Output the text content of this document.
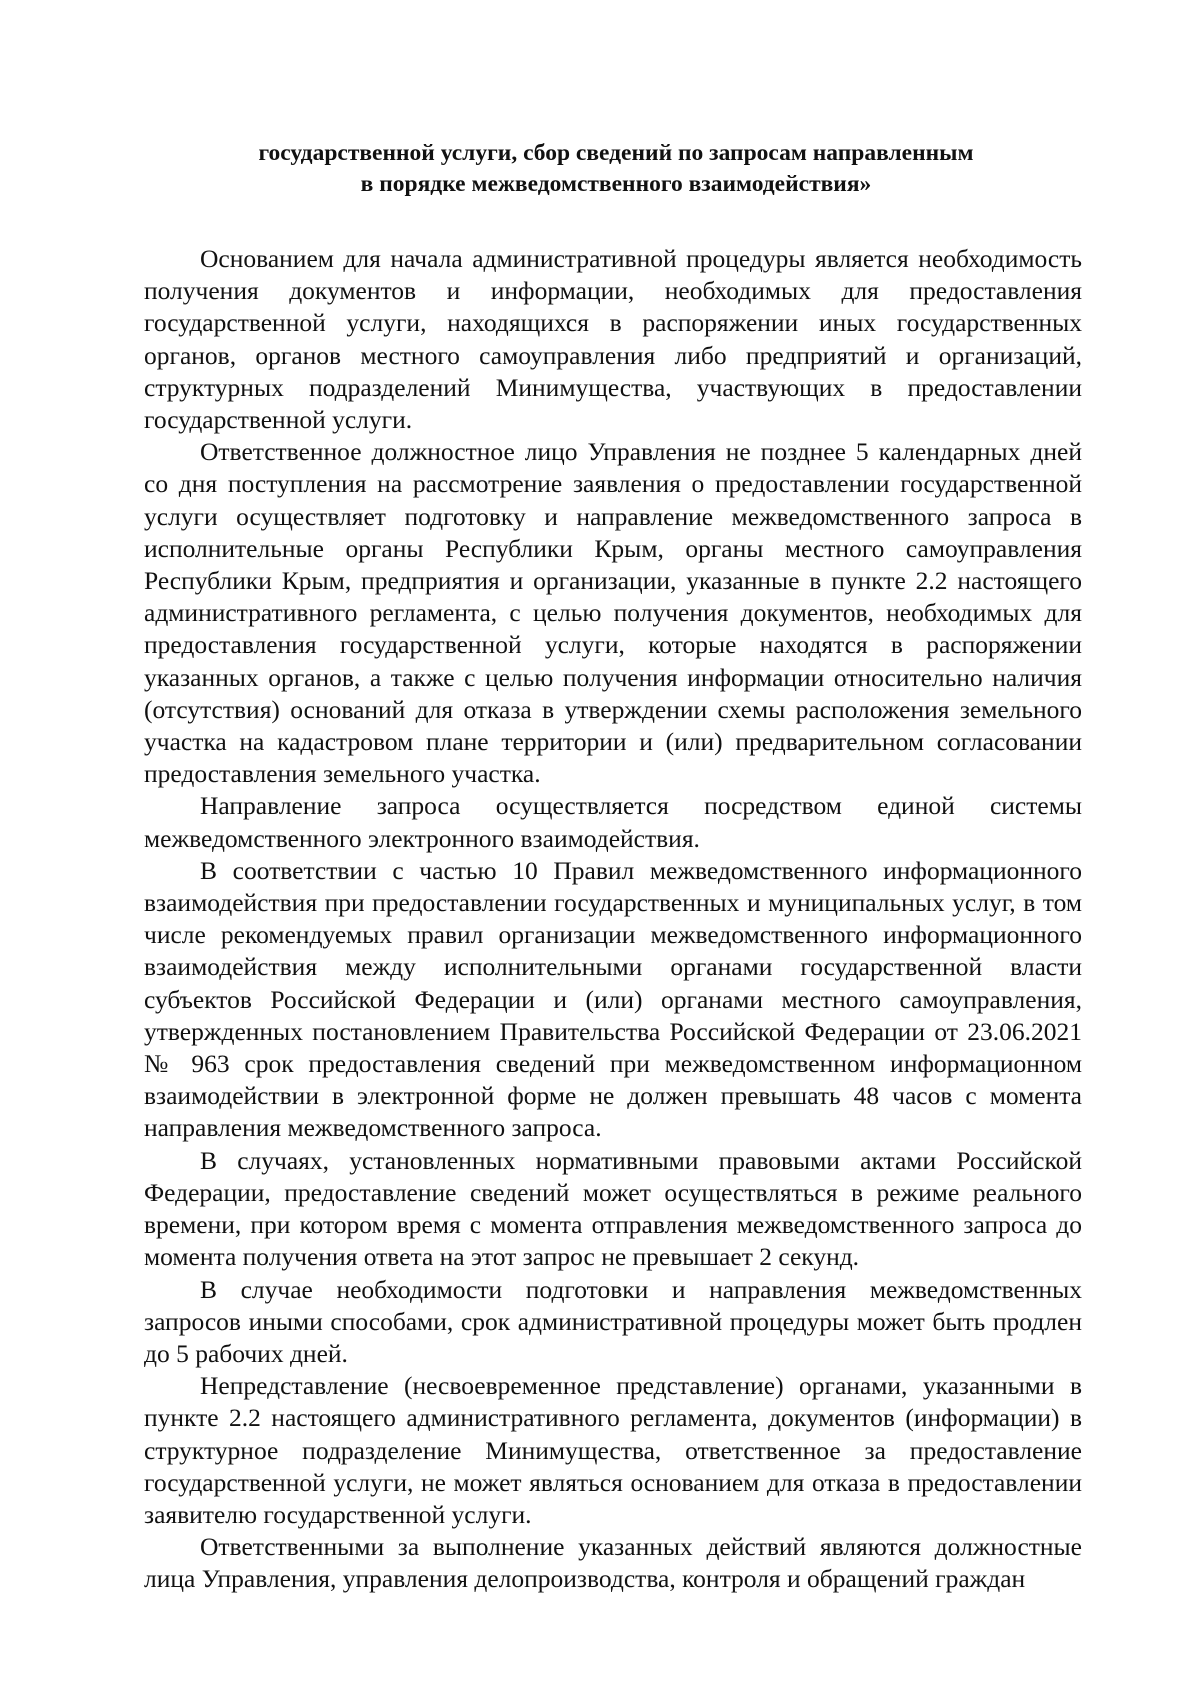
государственной услуги, сбор сведений по запросам направленным
в порядке межведомственного взаимодействия»

Основанием для начала административной процедуры является необходимость получения документов и информации, необходимых для предоставления государственной услуги, находящихся в распоряжении иных государственных органов, органов местного самоуправления либо предприятий и организаций, структурных подразделений Минимущества, участвующих в предоставлении государственной услуги.

Ответственное должностное лицо Управления не позднее 5 календарных дней со дня поступления на рассмотрение заявления о предоставлении государственной услуги осуществляет подготовку и направление межведомственного запроса в исполнительные органы Республики Крым, органы местного самоуправления Республики Крым, предприятия и организации, указанные в пункте 2.2 настоящего административного регламента, с целью получения документов, необходимых для предоставления государственной услуги, которые находятся в распоряжении указанных органов, а также с целью получения информации относительно наличия (отсутствия) оснований для отказа в утверждении схемы расположения земельного участка на кадастровом плане территории и (или) предварительном согласовании предоставления земельного участка.

Направление запроса осуществляется посредством единой системы межведомственного электронного взаимодействия.

В соответствии с частью 10 Правил межведомственного информационного взаимодействия при предоставлении государственных и муниципальных услуг, в том числе рекомендуемых правил организации межведомственного информационного взаимодействия между исполнительными органами государственной власти субъектов Российской Федерации и (или) органами местного самоуправления, утвержденных постановлением Правительства Российской Федерации от 23.06.2021 № 963 срок предоставления сведений при межведомственном информационном взаимодействии в электронной форме не должен превышать 48 часов с момента направления межведомственного запроса.

В случаях, установленных нормативными правовыми актами Российской Федерации, предоставление сведений может осуществляться в режиме реального времени, при котором время с момента отправления межведомственного запроса до момента получения ответа на этот запрос не превышает 2 секунд.

В случае необходимости подготовки и направления межведомственных запросов иными способами, срок административной процедуры может быть продлен до 5 рабочих дней.

Непредставление (несвоевременное представление) органами, указанными в пункте 2.2 настоящего административного регламента, документов (информации) в структурное подразделение Минимущества, ответственное за предоставление государственной услуги, не может являться основанием для отказа в предоставлении заявителю государственной услуги.

Ответственными за выполнение указанных действий являются должностные лица Управления, управления делопроизводства, контроля и обращений граждан
